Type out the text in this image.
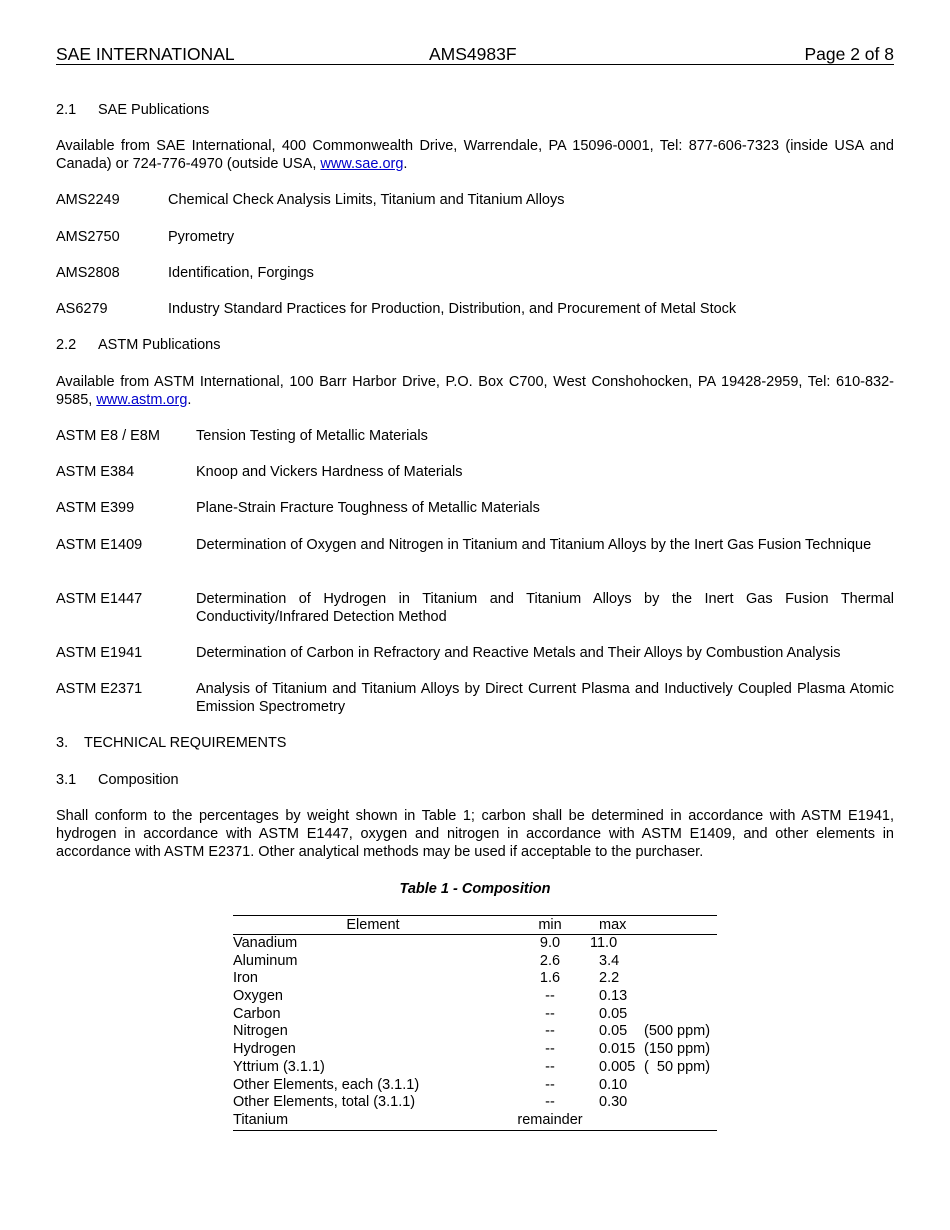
SAE INTERNATIONAL	AMS4983F	Page 2 of 8
2.1 SAE Publications
Available from SAE International, 400 Commonwealth Drive, Warrendale, PA 15096-0001, Tel: 877-606-7323 (inside USA and Canada) or 724-776-4970 (outside USA, www.sae.org.
AMS2249	Chemical Check Analysis Limits, Titanium and Titanium Alloys
AMS2750	Pyrometry
AMS2808	Identification, Forgings
AS6279	Industry Standard Practices for Production, Distribution, and Procurement of Metal Stock
2.2 ASTM Publications
Available from ASTM International, 100 Barr Harbor Drive, P.O. Box C700, West Conshohocken, PA 19428-2959, Tel: 610-832-9585, www.astm.org.
ASTM E8 / E8M Tension Testing of Metallic Materials
ASTM E384	Knoop and Vickers Hardness of Materials
ASTM E399	Plane-Strain Fracture Toughness of Metallic Materials
ASTM E1409	Determination of Oxygen and Nitrogen in Titanium and Titanium Alloys by the Inert Gas Fusion Technique
ASTM E1447	Determination of Hydrogen in Titanium and Titanium Alloys by the Inert Gas Fusion Thermal Conductivity/Infrared Detection Method
ASTM E1941	Determination of Carbon in Refractory and Reactive Metals and Their Alloys by Combustion Analysis
ASTM E2371	Analysis of Titanium and Titanium Alloys by Direct Current Plasma and Inductively Coupled Plasma Atomic Emission Spectrometry
3. TECHNICAL REQUIREMENTS
3.1 Composition
Shall conform to the percentages by weight shown in Table 1; carbon shall be determined in accordance with ASTM E1941, hydrogen in accordance with ASTM E1447, oxygen and nitrogen in accordance with ASTM E1409, and other elements in accordance with ASTM E2371. Other analytical methods may be used if acceptable to the purchaser.
Table 1 - Composition
Element	min	max
Vanadium	9.0	11.0
Aluminum	2.6	3.4
Iron	1.6	2.2
Oxygen	--	0.13
Carbon	--	0.05
Nitrogen	--	0.05 (500 ppm)
Hydrogen	--	0.015 (150 ppm)
Yttrium (3.1.1)	--	0.005 (  50 ppm)
Other Elements, each (3.1.1)	--	0.10
Other Elements, total (3.1.1)	--	0.30
Titanium	remainder
